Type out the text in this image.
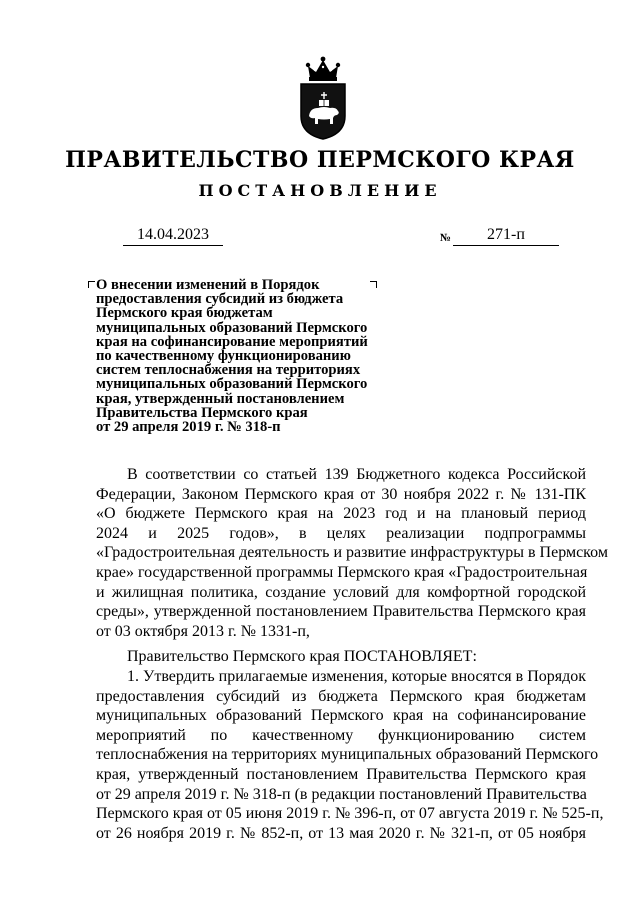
ПРАВИТЕЛЬСТВО ПЕРМСКОГО КРАЯ
ПОСТАНОВЛЕНИЕ
14.04.2023	№	271-п
О внесении изменений в Порядок
предоставления субсидий из бюджета
Пермского края бюджетам
муниципальных образований Пермского
края на софинансирование мероприятий
по качественному функционированию
систем теплоснабжения на территориях
муниципальных образований Пермского
края, утвержденный постановлением
Правительства Пермского края
от 29 апреля 2019 г. № 318-п
В соответствии со статьей 139 Бюджетного кодекса Российской
Федерации, Законом Пермского края от 30 ноября 2022 г. № 131-ПК
«О бюджете Пермского края на 2023 год и на плановый период
2024 и 2025 годов», в целях реализации подпрограммы
«Градостроительная деятельность и развитие инфраструктуры в Пермском
крае» государственной программы Пермского края «Градостроительная
и жилищная политика, создание условий для комфортной городской
среды», утвержденной постановлением Правительства Пермского края
от 03 октября 2013 г. № 1331-п,
Правительство Пермского края ПОСТАНОВЛЯЕТ:
1. Утвердить прилагаемые изменения, которые вносятся в Порядок
предоставления субсидий из бюджета Пермского края бюджетам
муниципальных образований Пермского края на софинансирование
мероприятий по качественному функционированию систем
теплоснабжения на территориях муниципальных образований Пермского
края, утвержденный постановлением Правительства Пермского края
от 29 апреля 2019 г. № 318-п (в редакции постановлений Правительства
Пермского края от 05 июня 2019 г. № 396-п, от 07 августа 2019 г. № 525-п,
от 26 ноября 2019 г. № 852-п, от 13 мая 2020 г. № 321-п, от 05 ноября
